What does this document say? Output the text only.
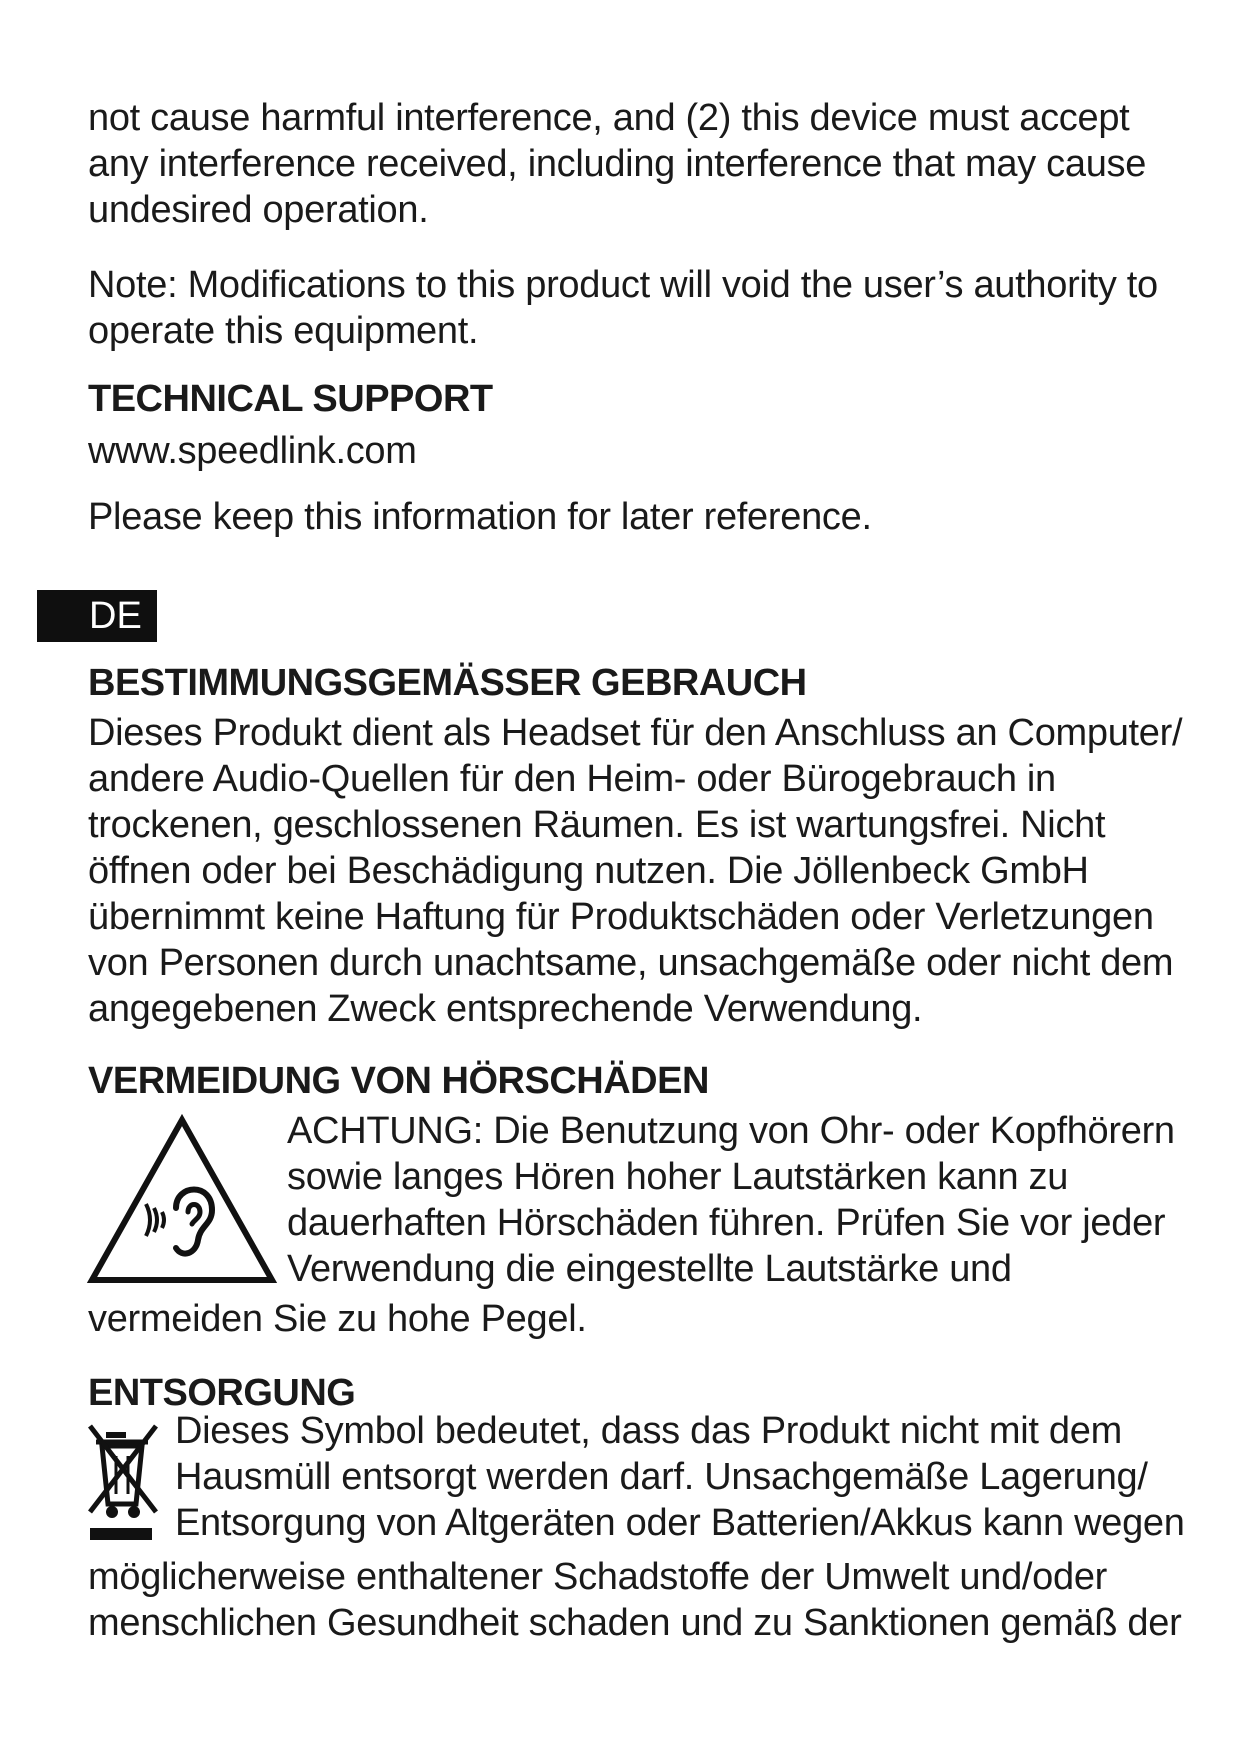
not cause harmful interference, and (2) this device must accept
any interference received, including interference that may cause
undesired operation.
Note: Modifications to this product will void the user’s authority to
operate this equipment.
TECHNICAL SUPPORT
www.speedlink.com
Please keep this information for later reference.
DE
BESTIMMUNGSGEMÄSSER GEBRAUCH
Dieses Produkt dient als Headset für den Anschluss an Computer/
andere Audio-Quellen für den Heim- oder Bürogebrauch in
trockenen, geschlossenen Räumen. Es ist wartungsfrei. Nicht
öffnen oder bei Beschädigung nutzen. Die Jöllenbeck GmbH
übernimmt keine Haftung für Produktschäden oder Verletzungen
von Personen durch unachtsame, unsachgemäße oder nicht dem
angegebenen Zweck entsprechende Verwendung.
VERMEIDUNG VON HÖRSCHÄDEN
ACHTUNG: Die Benutzung von Ohr- oder Kopfhörern
sowie langes Hören hoher Lautstärken kann zu
dauerhaften Hörschäden führen. Prüfen Sie vor jeder
Verwendung die eingestellte Lautstärke und
vermeiden Sie zu hohe Pegel.
ENTSORGUNG
Dieses Symbol bedeutet, dass das Produkt nicht mit dem
Hausmüll entsorgt werden darf. Unsachgemäße Lagerung/
Entsorgung von Altgeräten oder Batterien/Akkus kann wegen
möglicherweise enthaltener Schadstoffe der Umwelt und/oder
menschlichen Gesundheit schaden und zu Sanktionen gemäß der
